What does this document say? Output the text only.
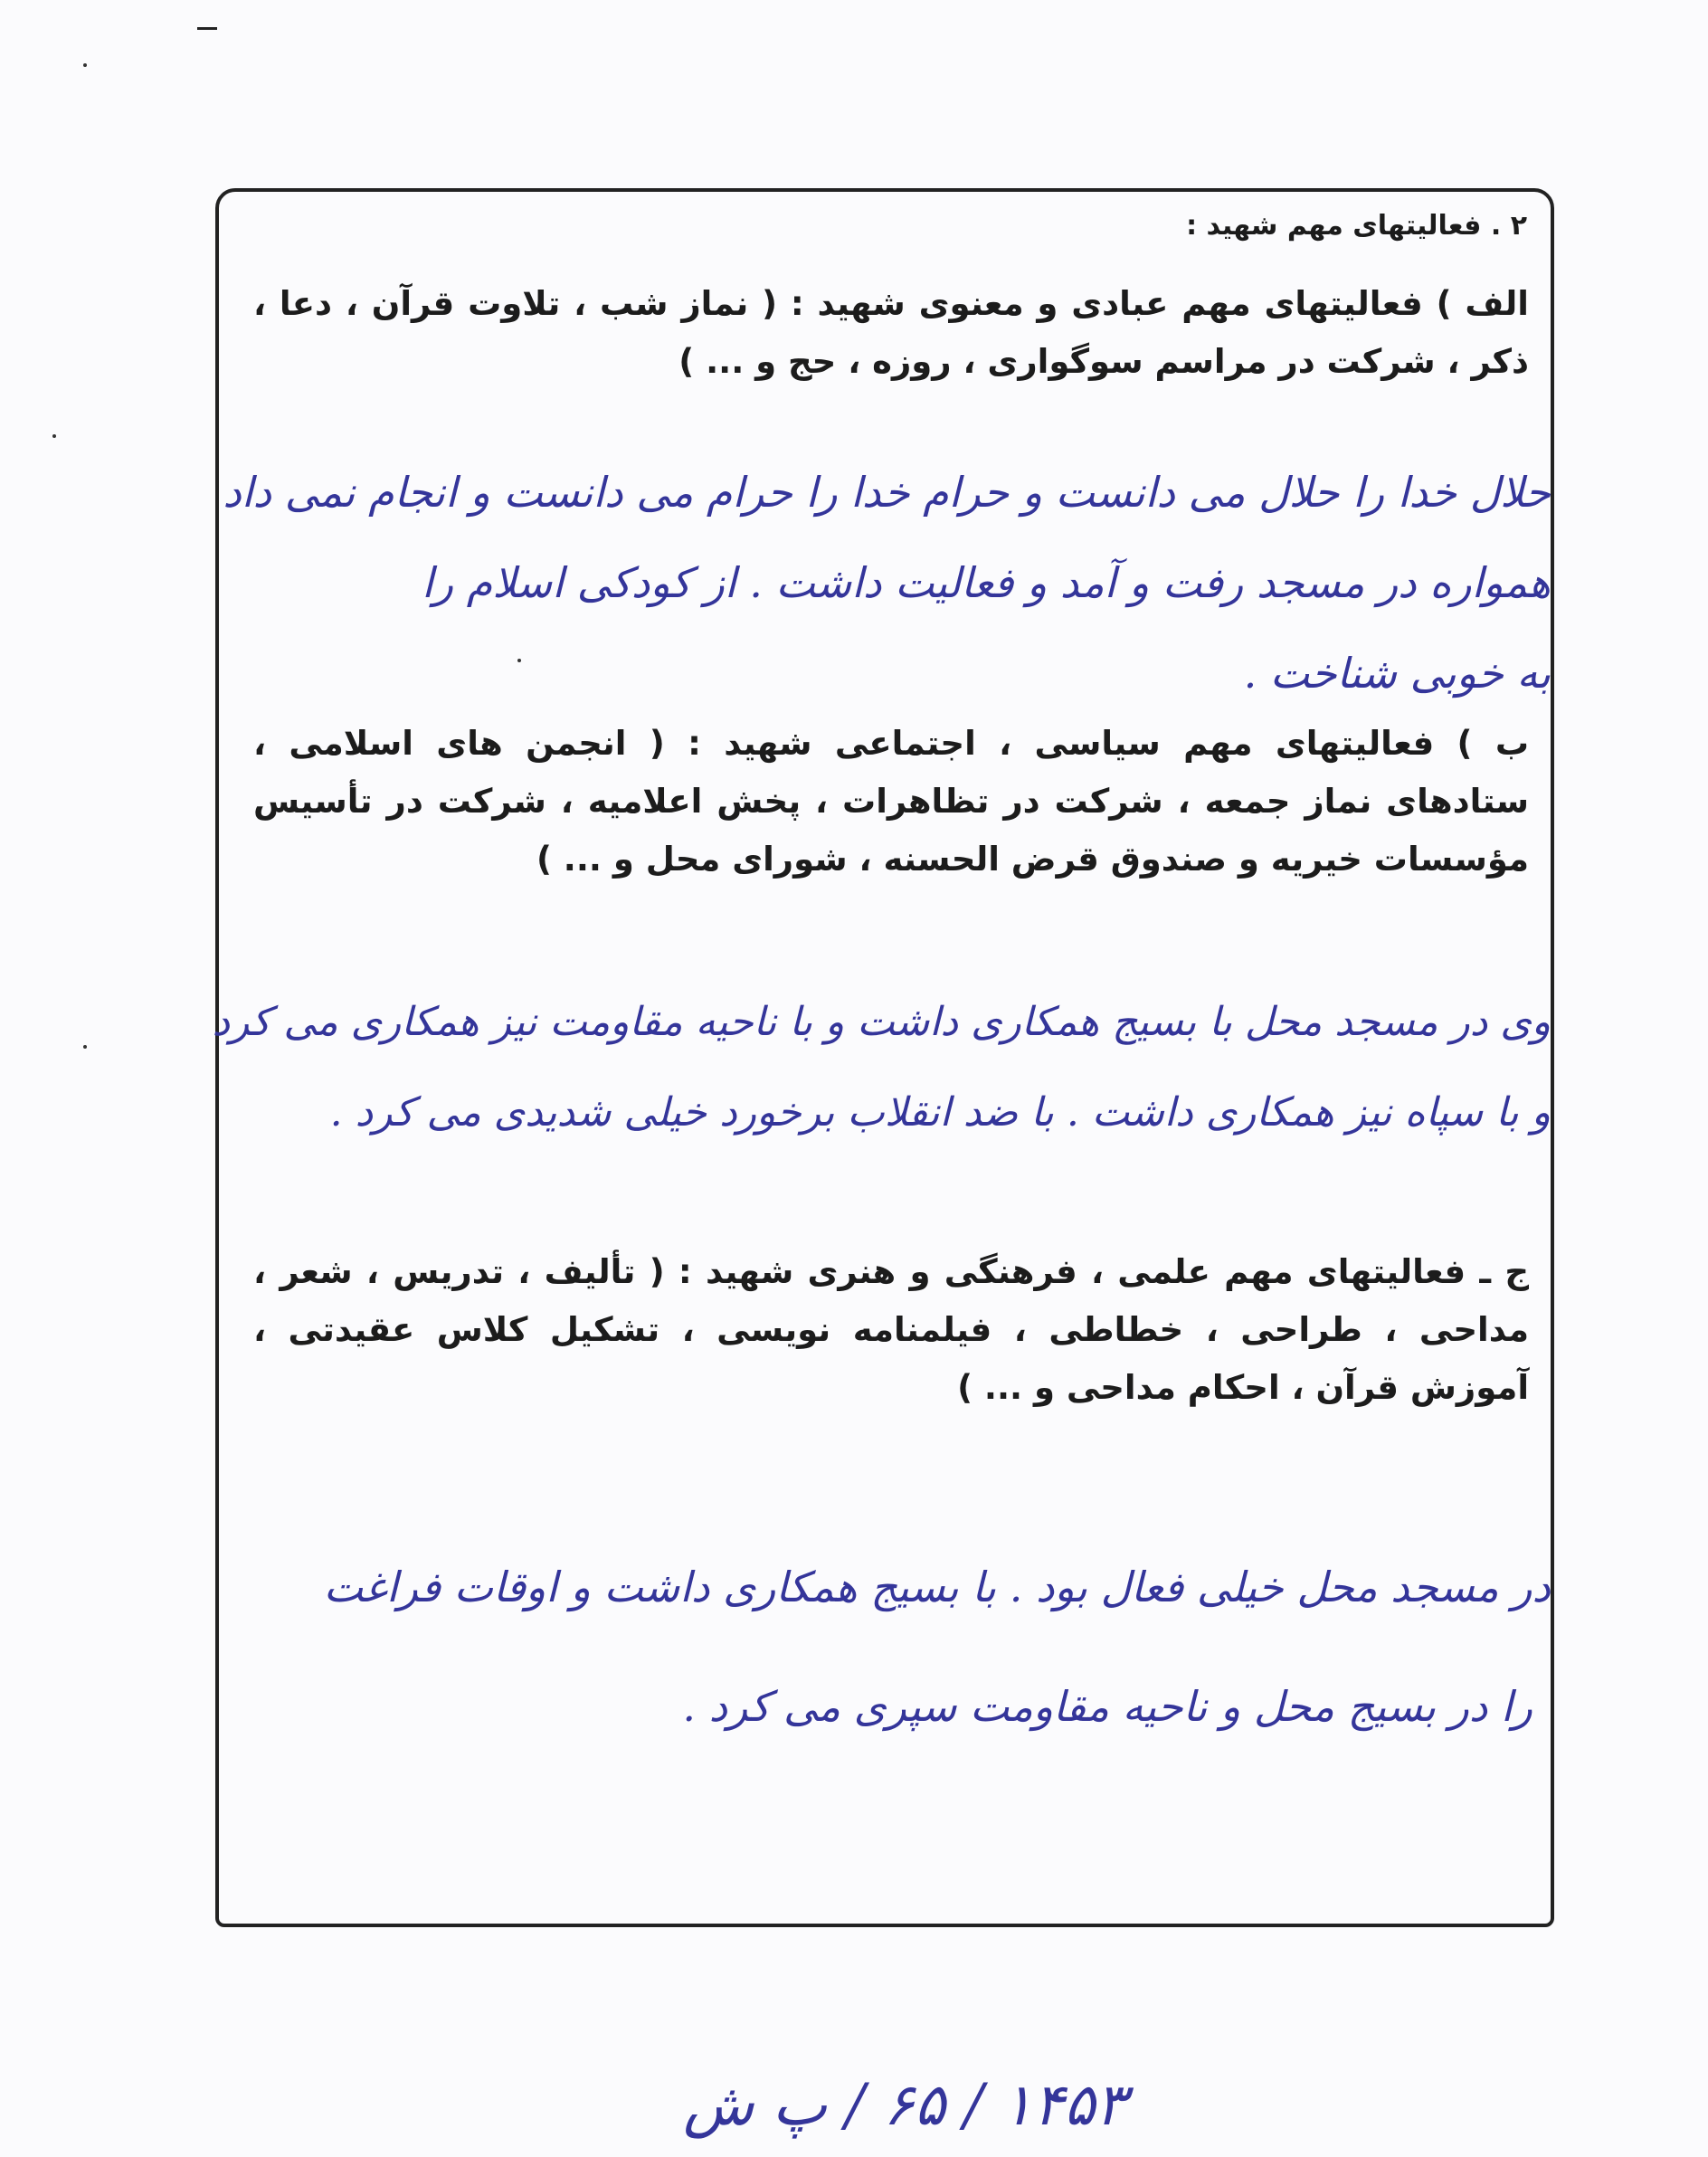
۲ . فعالیتهای مهم شهید :
الف ) فعالیتهای مهم عبادی و معنوی شهید : ( نماز شب ، تلاوت قرآن ، دعا ، ذکر ، شرکت در مراسم سوگواری ، روزه ، حج و ... )
حلال خدا را حلال می دانست و حرام خدا را حرام می دانست و انجام نمی داد
همواره در مسجد رفت و آمد و فعالیت داشت . از کودکی اسلام را
به خوبی شناخت .
ب ) فعالیتهای مهم سیاسی ، اجتماعی شهید : ( انجمن های اسلامی ، ستادهای نماز جمعه ، شرکت در تظاهرات ، پخش اعلامیه ، شرکت در تأسیس مؤسسات خیریه و صندوق قرض الحسنه ، شورای محل و ... )
وی در مسجد محل با بسیج همکاری داشت و با ناحیه مقاومت نیز همکاری می کرد
و با سپاه نیز همکاری داشت . با ضد انقلاب برخورد خیلی شدیدی می کرد .
ج ـ فعالیتهای مهم علمی ، فرهنگی و هنری شهید : ( تألیف ، تدریس ، شعر ، مداحی ، طراحی ، خطاطی ، فیلمنامه نویسی ، تشکیل کلاس عقیدتی ، آموزش قرآن ، احکام مداحی و ... )
در مسجد محل خیلی فعال بود . با بسیج همکاری داشت و اوقات فراغت
را در بسیج محل و ناحیه مقاومت سپری می کرد .
۱۴۵۳ / ۶۵ / پ ش
